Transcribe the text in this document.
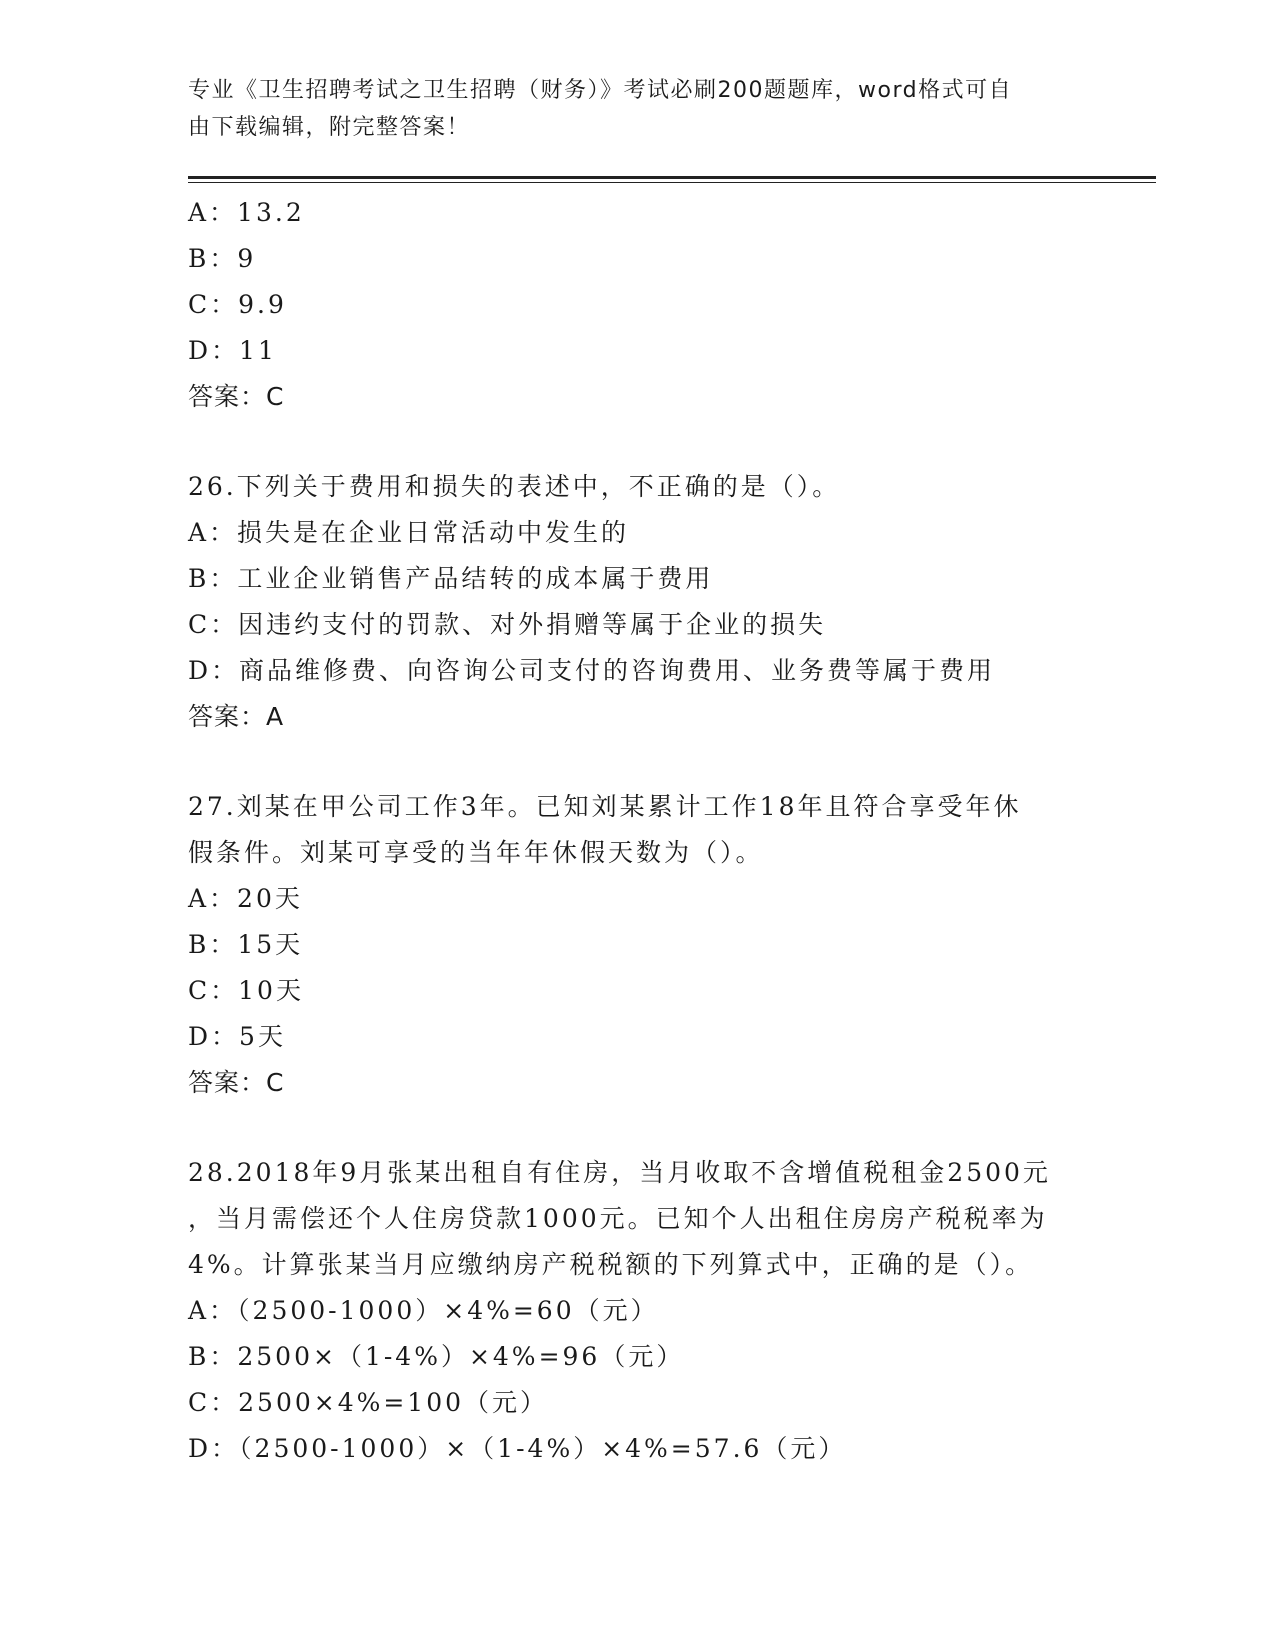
专业《卫生招聘考试之卫生招聘（财务）》考试必刷200题题库，word格式可自
由下载编辑，附完整答案！
A：13.2
B：9
C：9.9
D：11
答案：C
26.下列关于费用和损失的表述中，不正确的是（）。
A：损失是在企业日常活动中发生的
B：工业企业销售产品结转的成本属于费用
C：因违约支付的罚款、对外捐赠等属于企业的损失
D：商品维修费、向咨询公司支付的咨询费用、业务费等属于费用
答案：A
27.刘某在甲公司工作3年。已知刘某累计工作18年且符合享受年休
假条件。刘某可享受的当年年休假天数为（）。
A：20天
B：15天
C：10天
D：5天
答案：C
28.2018年9月张某出租自有住房，当月收取不含增值税租金2500元
，当月需偿还个人住房贷款1000元。已知个人出租住房房产税税率为
4%。计算张某当月应缴纳房产税税额的下列算式中，正确的是（）。
A：（2500-1000）×4%=60（元）
B：2500×（1-4%）×4%=96（元）
C：2500×4%=100（元）
D：（2500-1000）×（1-4%）×4%=57.6（元）
